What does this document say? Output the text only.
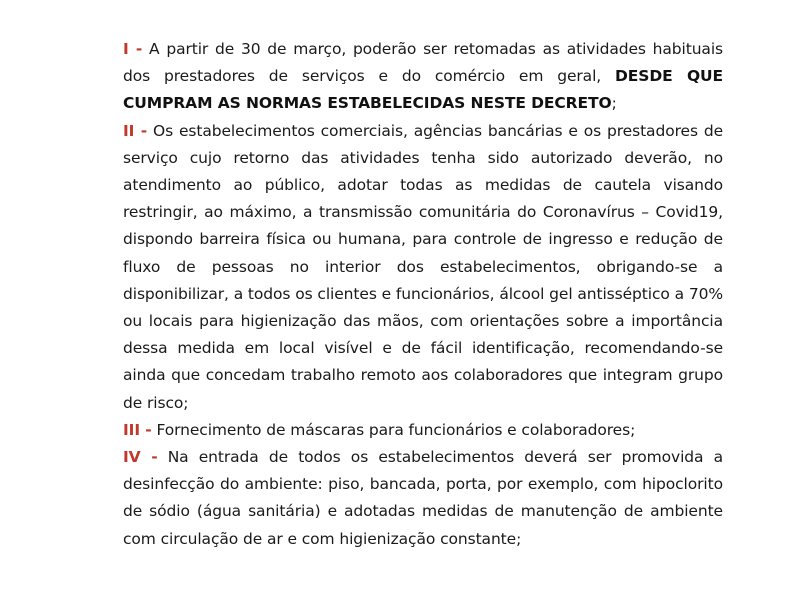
I - A partir de 30 de março, poderão ser retomadas as atividades habituais dos prestadores de serviços e do comércio em geral, DESDE QUE CUMPRAM AS NORMAS ESTABELECIDAS NESTE DECRETO;

II - Os estabelecimentos comerciais, agências bancárias e os prestadores de serviço cujo retorno das atividades tenha sido autorizado deverão, no atendimento ao público, adotar todas as medidas de cautela visando restringir, ao máximo, a transmissão comunitária do Coronavírus – Covid19, dispondo barreira física ou humana, para controle de ingresso e redução de fluxo de pessoas no interior dos estabelecimentos, obrigando-se a disponibilizar, a todos os clientes e funcionários, álcool gel antisséptico a 70% ou locais para higienização das mãos, com orientações sobre a importância dessa medida em local visível e de fácil identificação, recomendando-se ainda que concedam trabalho remoto aos colaboradores que integram grupo de risco;

III - Fornecimento de máscaras para funcionários e colaboradores;

IV - Na entrada de todos os estabelecimentos deverá ser promovida a desinfecção do ambiente: piso, bancada, porta, por exemplo, com hipoclorito de sódio (água sanitária) e adotadas medidas de manutenção de ambiente com circulação de ar e com higienização constante;
